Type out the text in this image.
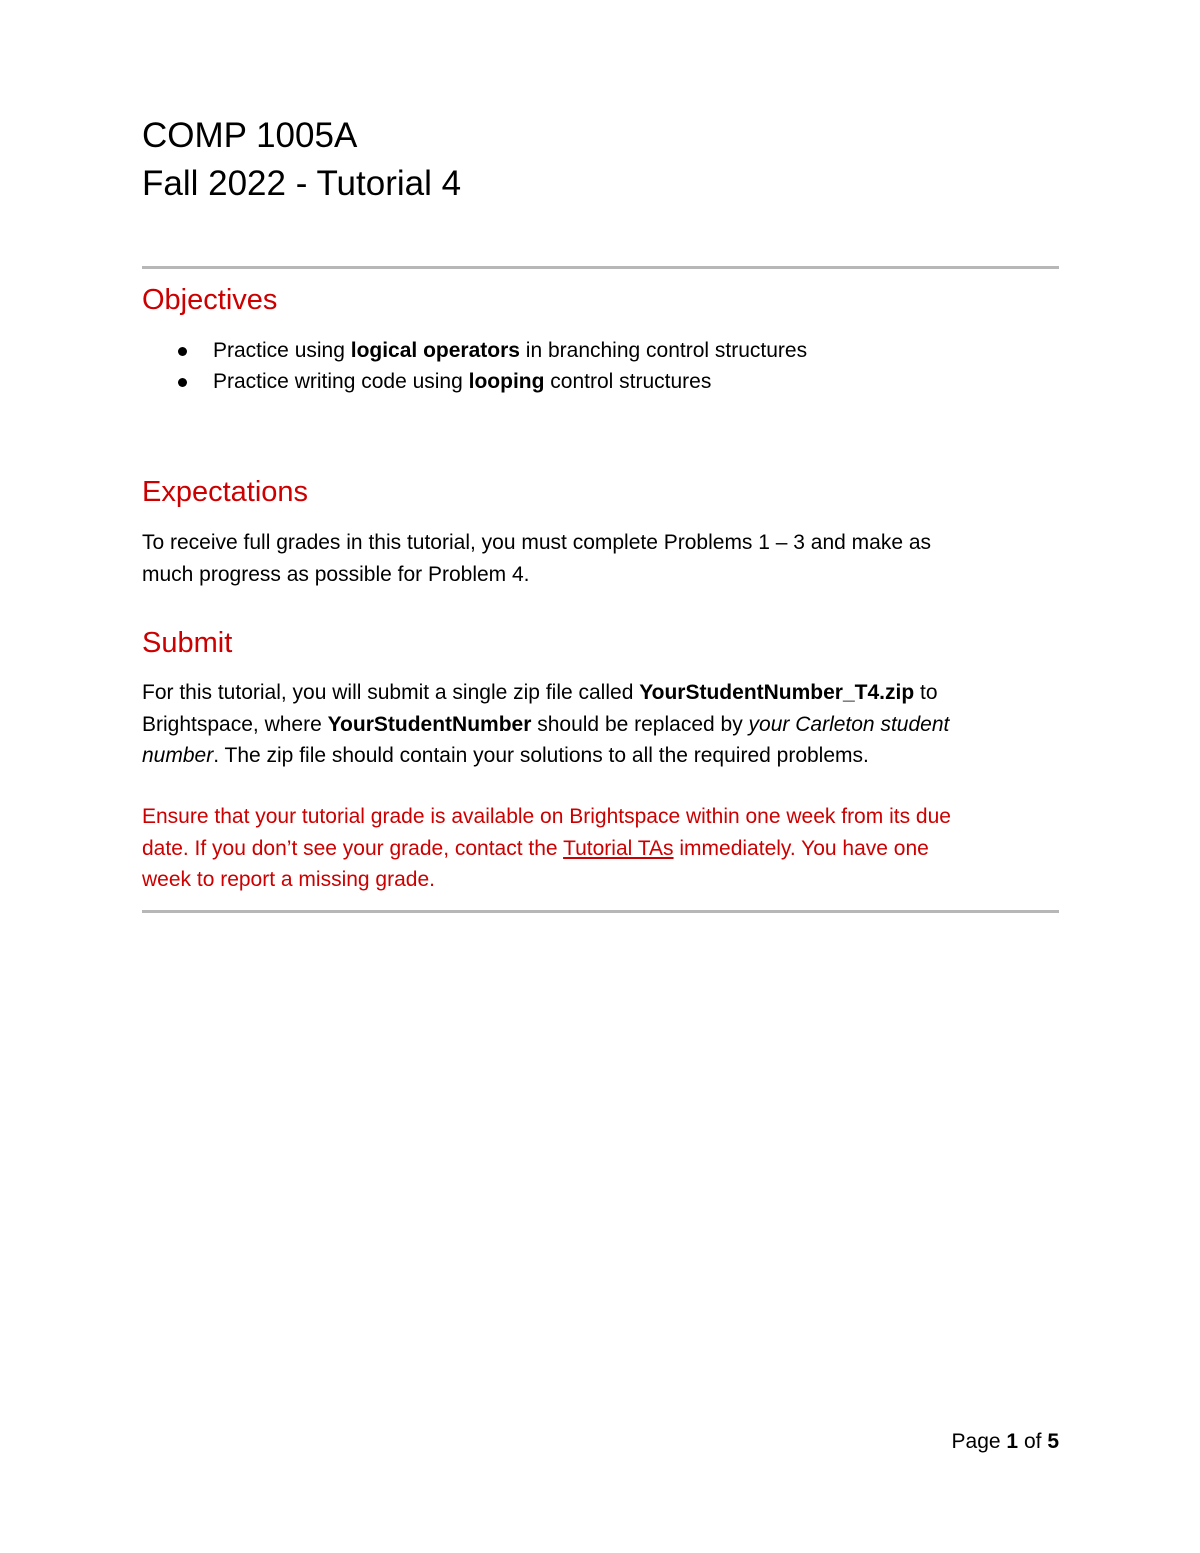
COMP 1005A
Fall 2022 - Tutorial 4
Objectives
Practice using logical operators in branching control structures
Practice writing code using looping control structures
Expectations

To receive full grades in this tutorial, you must complete Problems 1 – 3 and make as
much progress as possible for Problem 4.

Submit

For this tutorial, you will submit a single zip file called YourStudentNumber_T4.zip to
Brightspace, where YourStudentNumber should be replaced by your Carleton student
number. The zip file should contain your solutions to all the required problems.

Ensure that your tutorial grade is available on Brightspace within one week from its due
date. If you don’t see your grade, contact the Tutorial TAs immediately. You have one
week to report a missing grade.

Page 1 of 5
